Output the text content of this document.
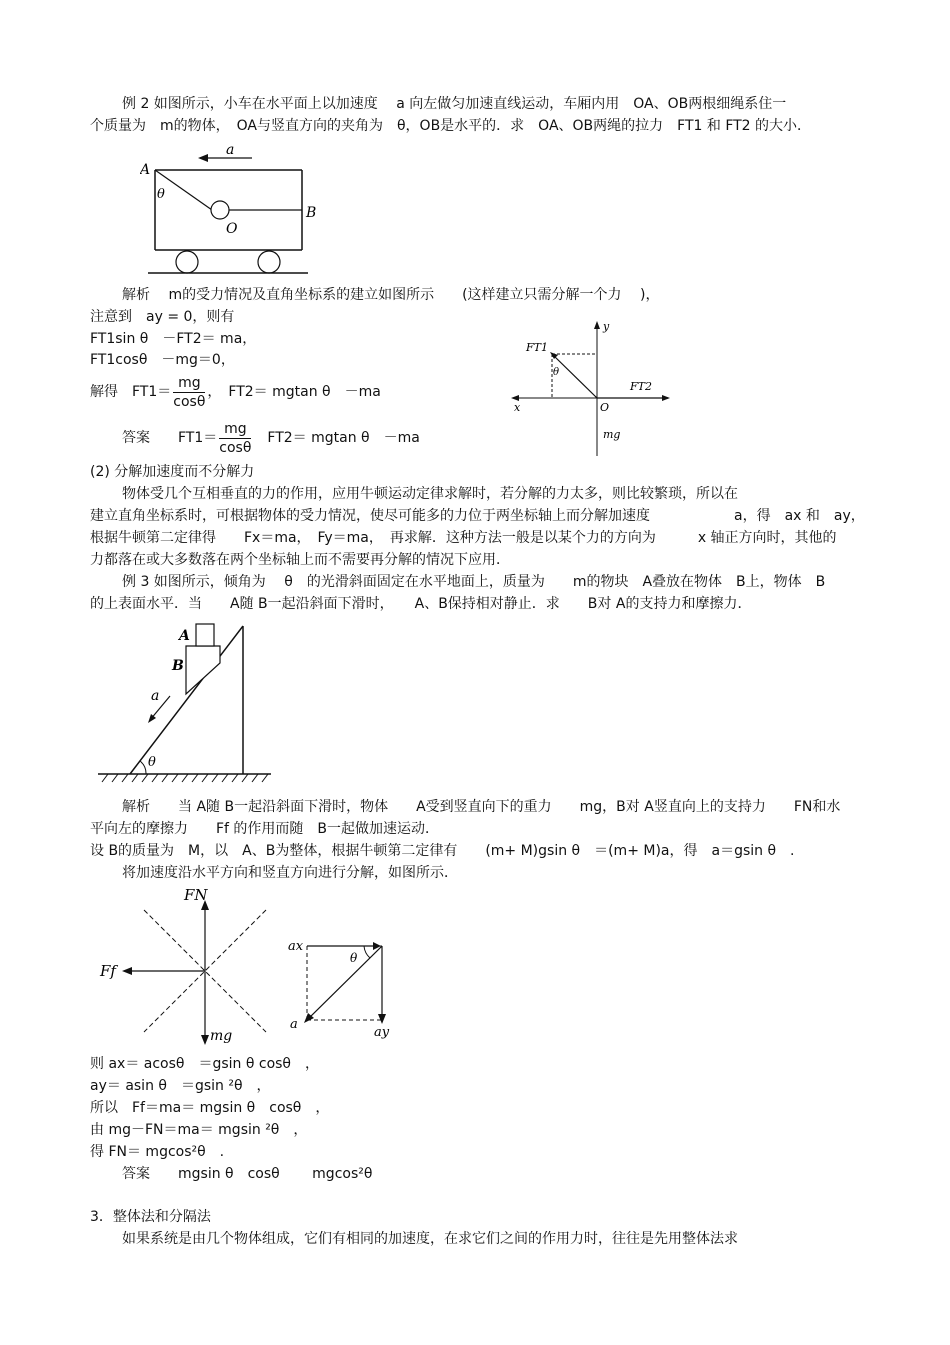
例 2 如图所示，小车在水平面上以加速度　 a 向左做匀加速直线运动，车厢内用　OA、OB两根细绳系住一
个质量为　m的物体，　OA与竖直方向的夹角为　θ，OB是水平的．求　OA、OB两绳的拉力　FT1 和 FT2 的大小．
a
A
θ
O
B
解析　 m的受力情况及直角坐标系的建立如图所示　　(这样建立只需分解一个力　 )，
注意到　ay = 0，则有
FT1sin θ　－FT2＝ ma，
FT1cosθ　－mg＝0，
解得　$FT1= \frac{mg}{\cos\theta}$ ，　FT2＝ mgtan θ　－ma
答案　　$FT1= \frac{mg}{\cos\theta}$ 　FT2＝ mgtan θ　－ma
y
x	O
FT1
FT2
θ
mg
(2) 分解加速度而不分解力
物体受几个互相垂直的力的作用，应用牛顿运动定律求解时，若分解的力太多，则比较繁琐，所以在
建立直角坐标系时，可根据物体的受力情况，使尽可能多的力位于两坐标轴上而分解加速度　　　　　　a，得　ax 和　ay，
根据牛顿第二定律得　　Fx＝ma，　Fy＝ma，　再求解．这种方法一般是以某个力的方向为　　　x 轴正方向时，其他的
力都落在或大多数落在两个坐标轴上而不需要再分解的情况下应用．
例 3 如图所示，倾角为　 θ　的光滑斜面固定在水平地面上，质量为　　m的物块　A叠放在物体　B上，物体　B
的上表面水平．当　　A随 B一起沿斜面下滑时，　　A、B保持相对静止．求　　B对 A的支持力和摩擦力．
A
B
a
θ
解析　　当 A随 B一起沿斜面下滑时，物体　　A受到竖直向下的重力　　mg，B对 A竖直向上的支持力　　FN和水
平向左的摩擦力　　Ff 的作用而随　B一起做加速运动．
设 B的质量为　M，以　A、B为整体，根据牛顿第二定律有　　(m+ M)gsin θ　＝(m+ M)a，得　a＝gsin θ　.
将加速度沿水平方向和竖直方向进行分解，如图所示．
FN
Ff
mg
ax
ay
a
θ
则 ax＝ acosθ　＝gsin θ cosθ　，
ay＝ asin θ　＝gsin ²θ　，
所以　Ff＝ma＝ mgsin θ　cosθ　，
由 mg－FN＝ma＝ mgsin ²θ　，
得 FN＝ mgcos²θ　.
答案　　mgsin θ　cosθ　　 mgcos²θ
3．整体法和分隔法
如果系统是由几个物体组成，它们有相同的加速度，在求它们之间的作用力时，往往是先用整体法求
